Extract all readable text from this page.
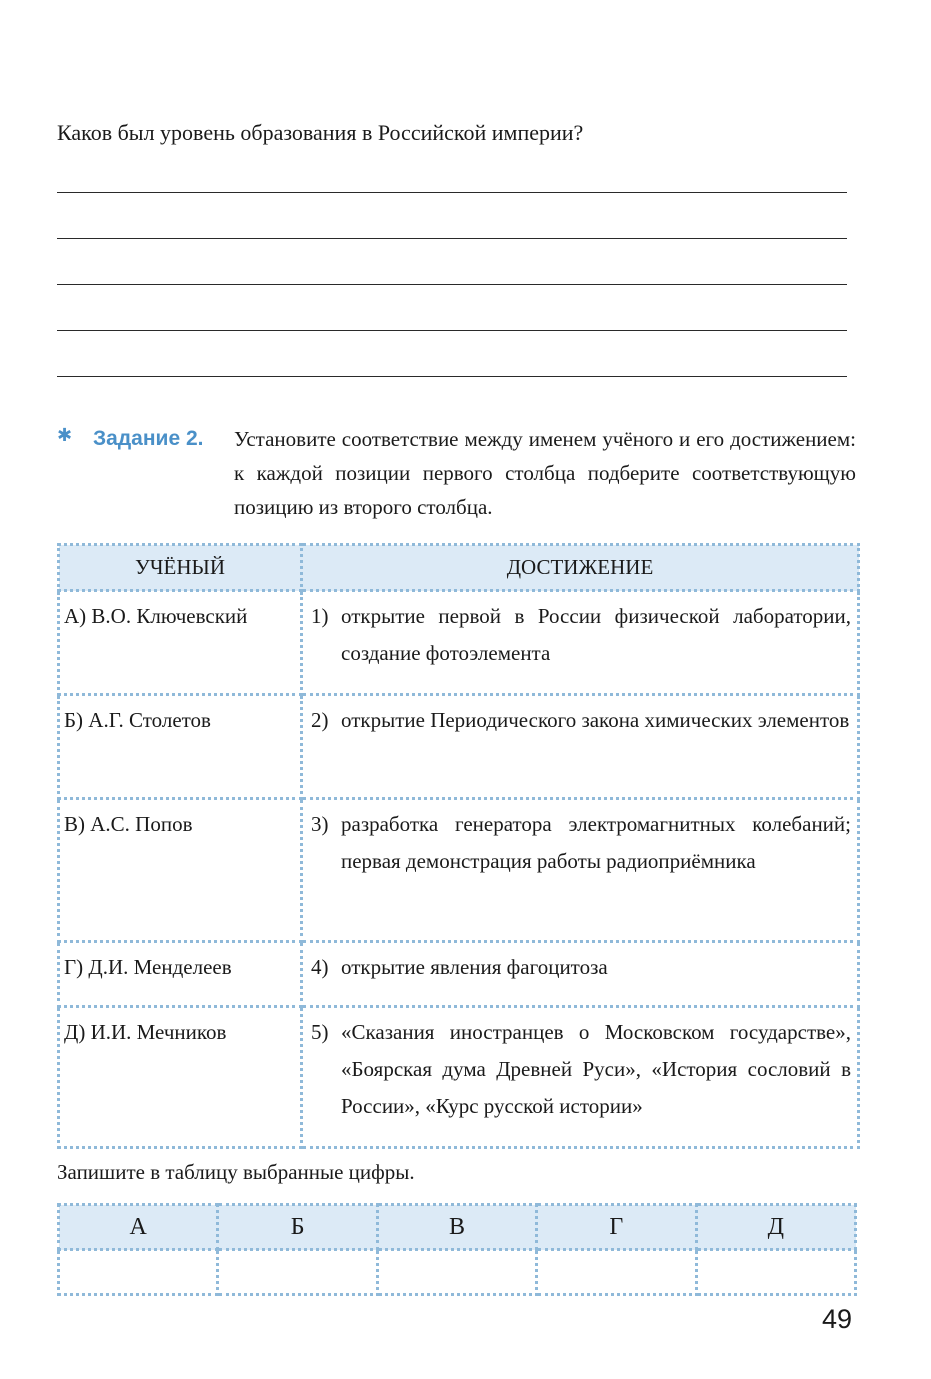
Каков был уровень образования в Российской империи?
✱ Задание 2. Установите соответствие между именем учёного и его достижением: к каждой позиции первого столбца подберите соответствующую позицию из второго столбца.
УЧЁНЫЙ	ДОСТИЖЕНИЕ
А) В.О. Ключевский	1) открытие первой в России физической лаборатории, создание фотоэлемента

Б) А.Г. Столетов	2) открытие Периодического закона химических элементов

В) А.С. Попов	3) разработка генератора электромагнитных колебаний; первая демонстрация работы радиоприёмника

Г) Д.И. Менделеев	4) открытие явления фагоцитоза

Д) И.И. Мечников	5) «Сказания иностранцев о Московском государстве», «Боярская дума Древней Руси», «История сословий в России», «Курс русской истории»
Запишите в таблицу выбранные цифры.
А	Б	В	Г	Д

49
